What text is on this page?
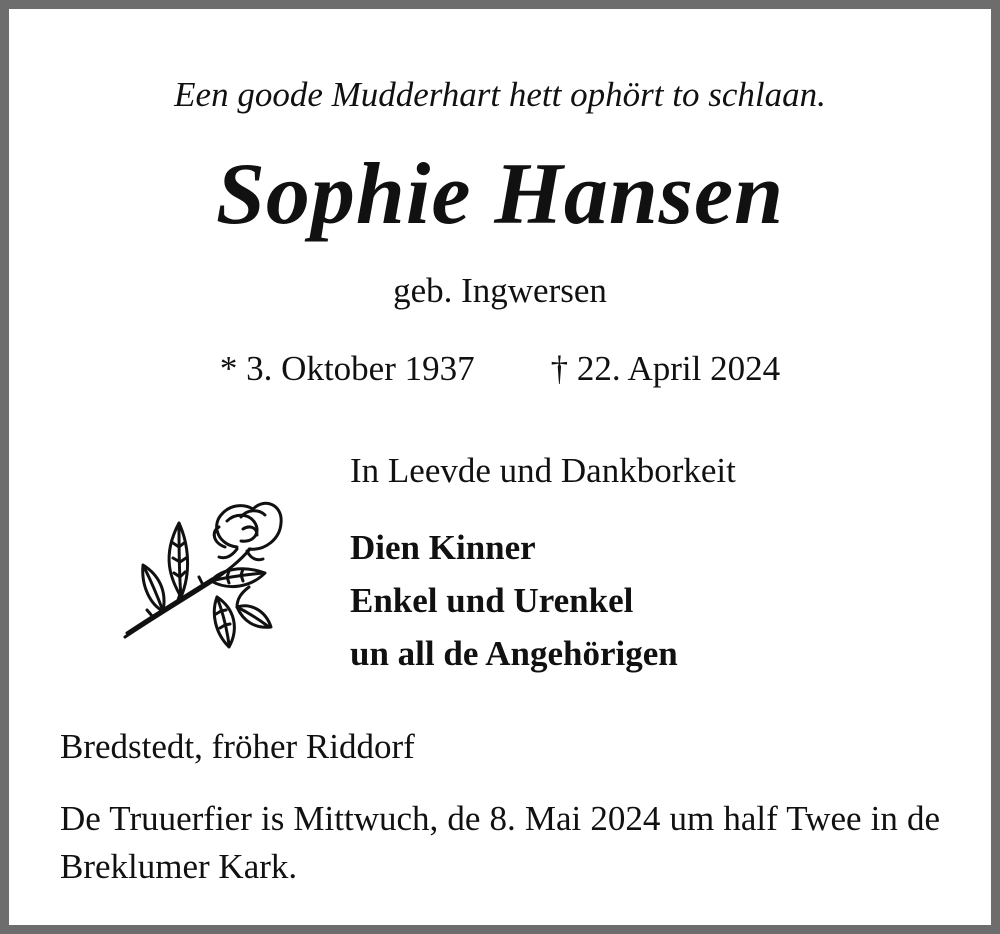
Een goode Mudderhart hett ophört to schlaan.

Sophie Hansen

geb. Ingwersen

* 3. Oktober 1937 † 22. April 2024

In Leevde und Dankborkeit

Dien Kinner
Enkel und Urenkel
un all de Angehörigen

Bredstedt, fröher Riddorf

De Truuerfier is Mittwuch, de 8. Mai 2024 um half Twee in de Breklumer Kark.
